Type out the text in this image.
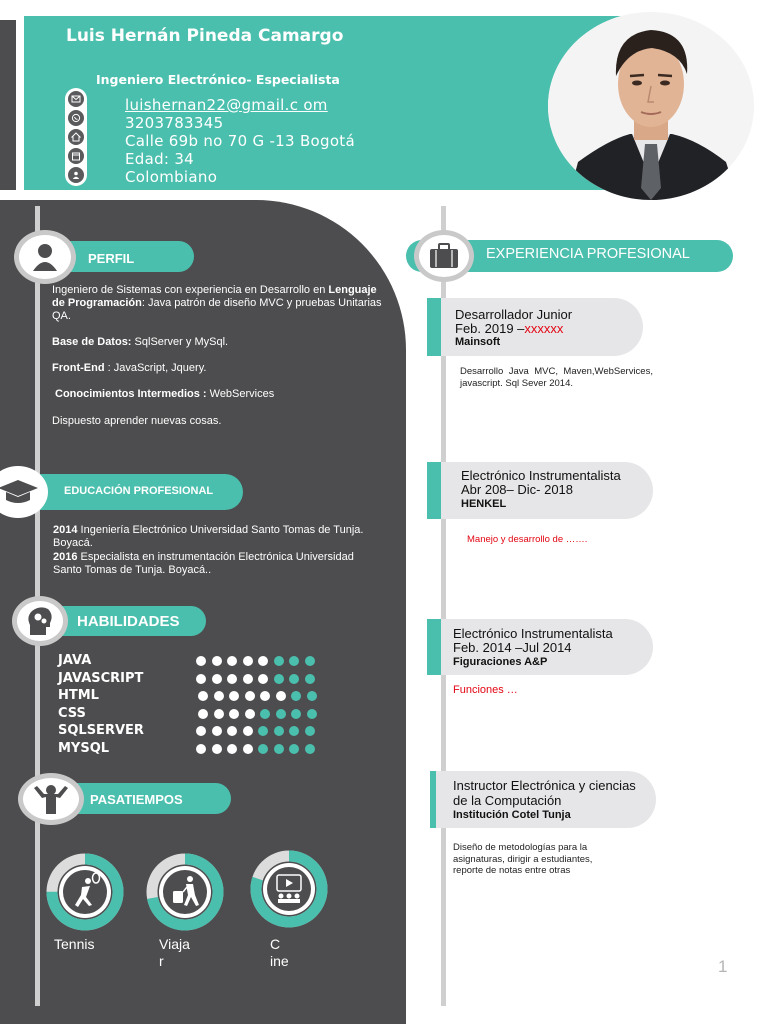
Luis Hernán Pineda Camargo
Ingeniero Electrónico- Especialista
luishernan22@gmail.c om
3203783345
Calle 69b no 70 G -13 Bogotá
Edad: 34
Colombiano
PERFIL
Ingeniero de Sistemas con experiencia en Desarrollo en Lenguaje de Programación: Java patrón de diseño MVC y pruebas Unitarias QA.
Base de Datos: SqlServer y MySql.
Front-End : JavaScript, Jquery.
Conocimientos Intermedios : WebServices
Dispuesto aprender nuevas cosas.
EDUCACIÓN PROFESIONAL
2014 Ingeniería Electrónico Universidad Santo Tomas de Tunja. Boyacá.
2016 Especialista en instrumentación Electrónica Universidad Santo Tomas de Tunja. Boyacá..
HABILIDADES
JAVA
JAVASCRIPT
HTML
CSS
SQLSERVER
MYSQL
PASATIEMPOS
Tennis	Viaja
r
C
ine
EXPERIENCIA PROFESIONAL
Desarrollador Junior
Feb. 2019 –xxxxxx
Mainsoft
Desarrollo Java MVC, Maven,WebServices, javascript. Sql Sever 2014.
Electrónico Instrumentalista
Abr 208– Dic- 2018
HENKEL
Manejo y desarrollo de …….
Electrónico Instrumentalista
Feb. 2014 –Jul 2014
Figuraciones A&P
Funciones …
Instructor Electrónica y ciencias de la Computación
Institución Cotel Tunja
Diseño de metodologías para la asignaturas, dirigir a estudiantes, reporte de notas entre otras
1
